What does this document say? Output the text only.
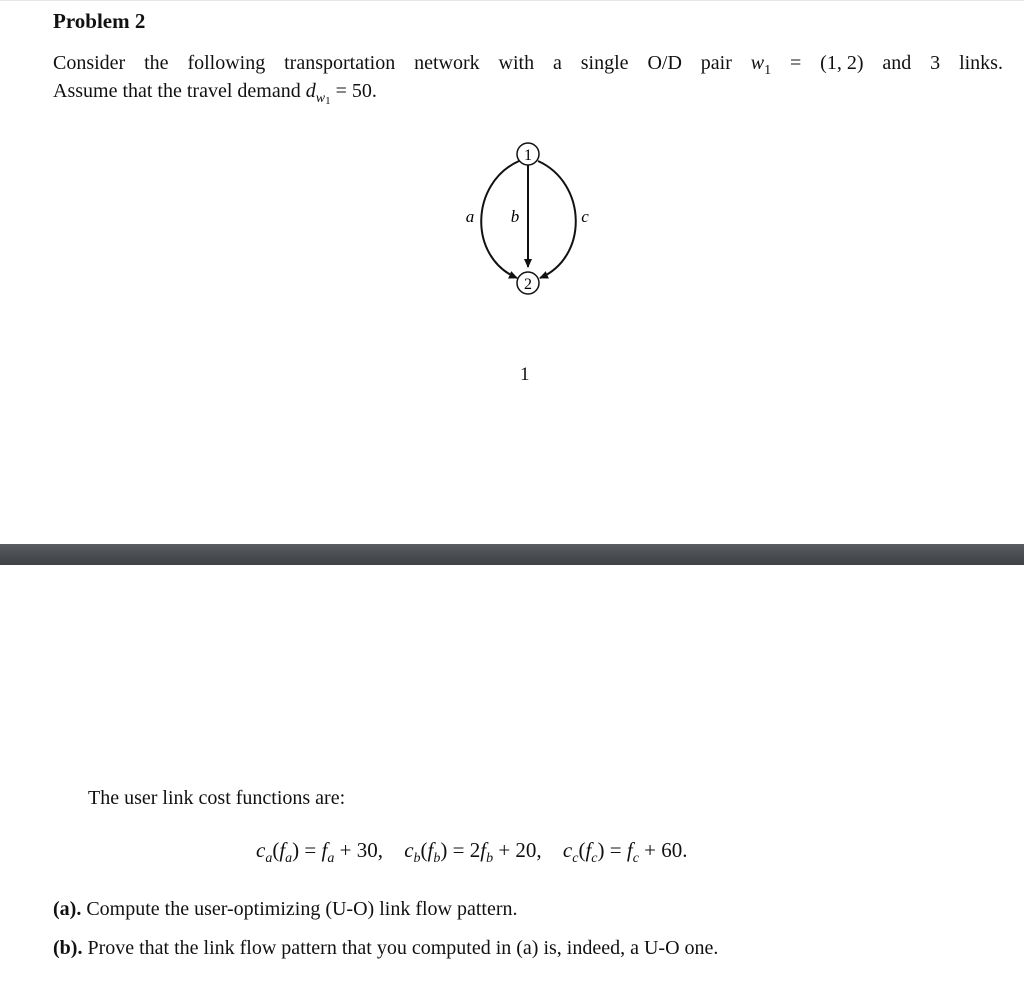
Problem 2
Consider the following transportation network with a single O/D pair $w_1 = (1$, 2) and 3 links.
Assume that the travel demand $d_{w1} = 50$.
1
2
a b	c
1
The user link cost functions are:
$c_a(f_a) = f_a + 30$, $c_b(f_b) = 2f_b + 20$, $c_c(f_c) = f_c + 60$.
(a). Compute the user-optimizing (U-O) link flow pattern.
(b). Prove that the link flow pattern that you computed in (a) is, indeed, a U-O one.
